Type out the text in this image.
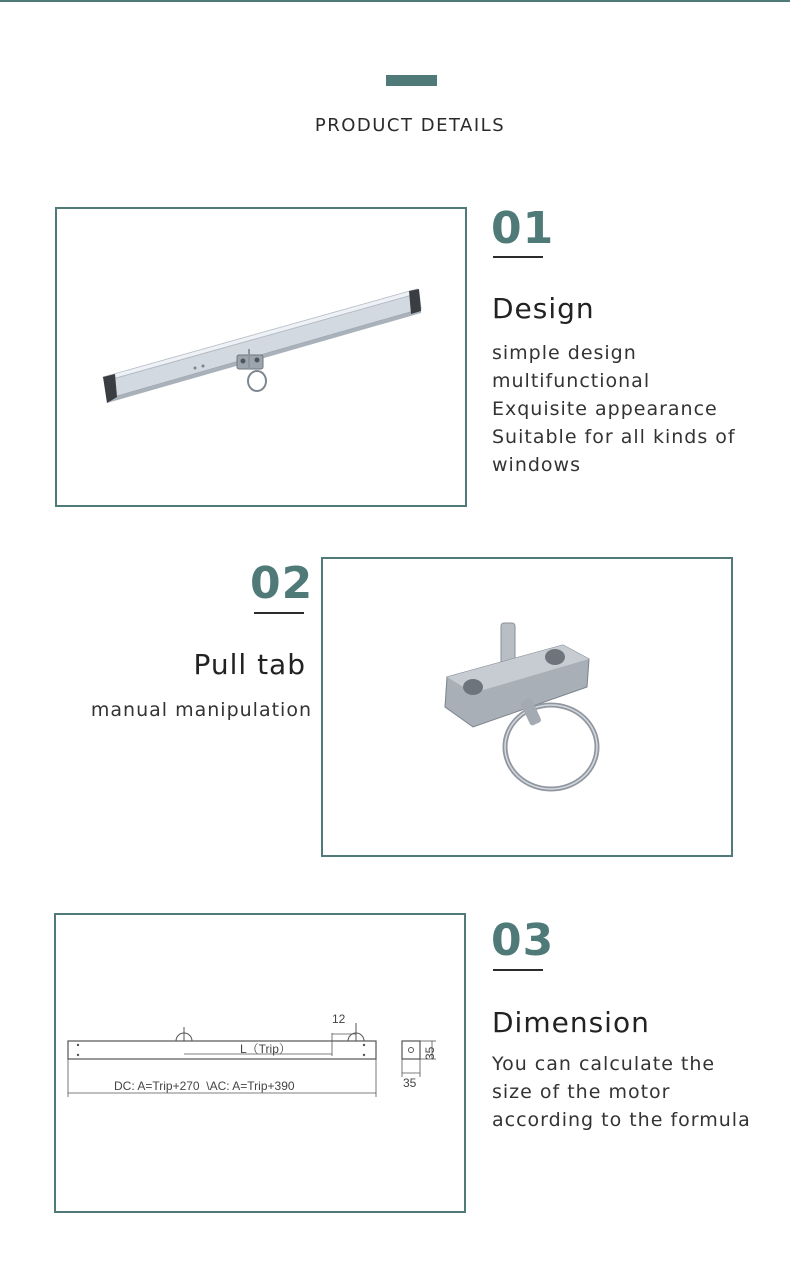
PRODUCT DETAILS
01
Design
simple design
multifunctional
Exquisite appearance
Suitable for all kinds of
windows
02
Pull tab
manual manipulation
12
L（Trip）
DC: A=Trip+270  \AC: A=Trip+390
35
35
03
Dimension
You can calculate the
size of the motor
according to the formula
